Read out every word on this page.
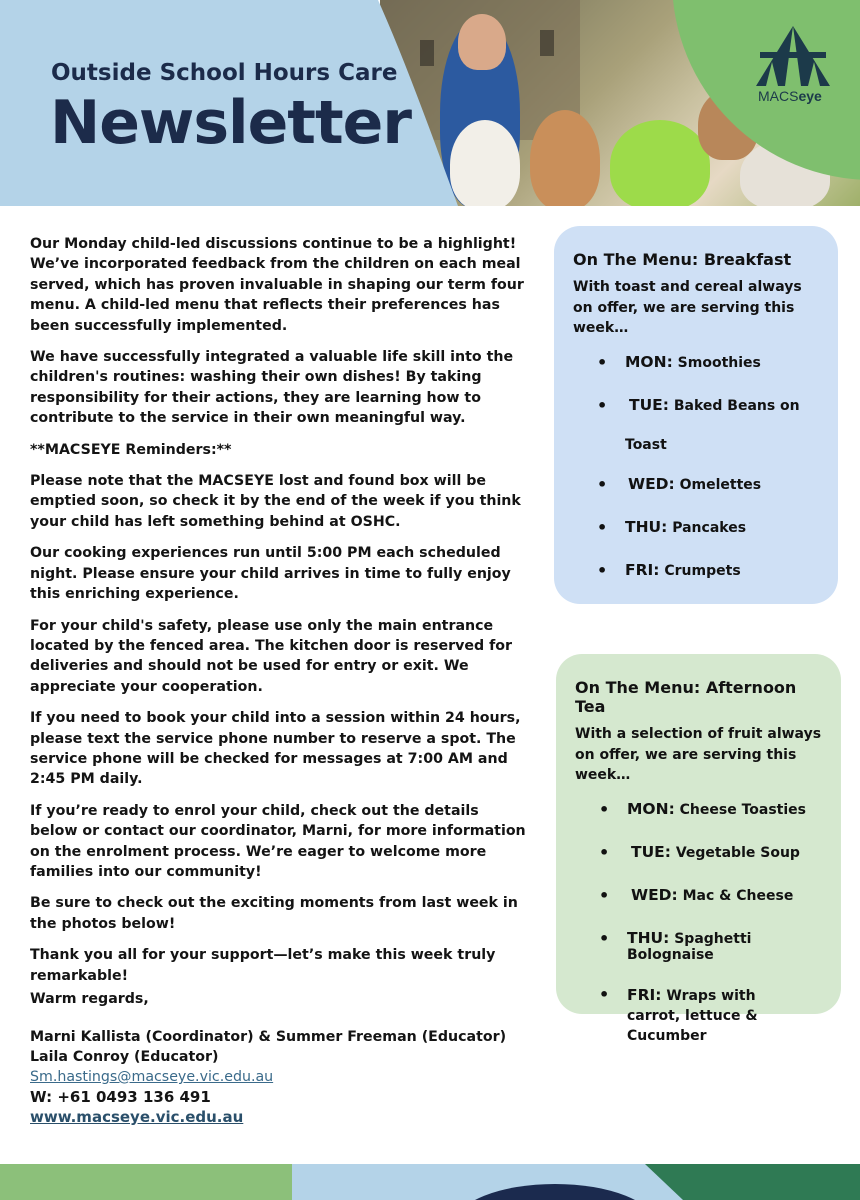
Outside School Hours Care
Newsletter	MACSeye

Our Monday child-led discussions continue to be a highlight! We’ve incorporated feedback from the children on each meal served, which has proven invaluable in shaping our term four menu. A child-led menu that reflects their preferences has been successfully implemented.

We have successfully integrated a valuable life skill into the children's routines: washing their own dishes! By taking responsibility for their actions, they are learning how to contribute to the service in their own meaningful way.

**MACSEYE Reminders:**

Please note that the MACSEYE lost and found box will be emptied soon, so check it by the end of the week if you think your child has left something behind at OSHC.

Our cooking experiences run until 5:00 PM each scheduled night. Please ensure your child arrives in time to fully enjoy this enriching experience.

For your child's safety, please use only the main entrance located by the fenced area. The kitchen door is reserved for deliveries and should not be used for entry or exit. We appreciate your cooperation.

If you need to book your child into a session within 24 hours, please text the service phone number to reserve a spot. The service phone will be checked for messages at 7:00 AM and 2:45 PM daily.

If you’re ready to enrol your child, check out the details below or contact our coordinator, Marni, for more information on the enrolment process. We’re eager to welcome more families into our community!

Be sure to check out the exciting moments from last week in the photos below!

Thank you all for your support—let’s make this week truly remarkable!

Warm regards,
Marni Kallista (Coordinator) & Summer Freeman (Educator)
Laila Conroy (Educator)
Sm.hastings@macseye.vic.edu.au
W: +61 0493 136 491
www.macseye.vic.edu.au
On The Menu: Breakfast
With toast and cereal always on offer, we are serving this week…
• MON: Smoothies
• TUE: Baked Beans on
Toast
• WED: Omelettes
• THU: Pancakes
• FRI: Crumpets
On The Menu: Afternoon Tea
With a selection of fruit always on offer, we are serving this week…
• MON: Cheese Toasties
• TUE: Vegetable Soup
• WED: Mac & Cheese
• THU: Spaghetti Bolognaise
• FRI: Wraps with carrot, lettuce & Cucumber
